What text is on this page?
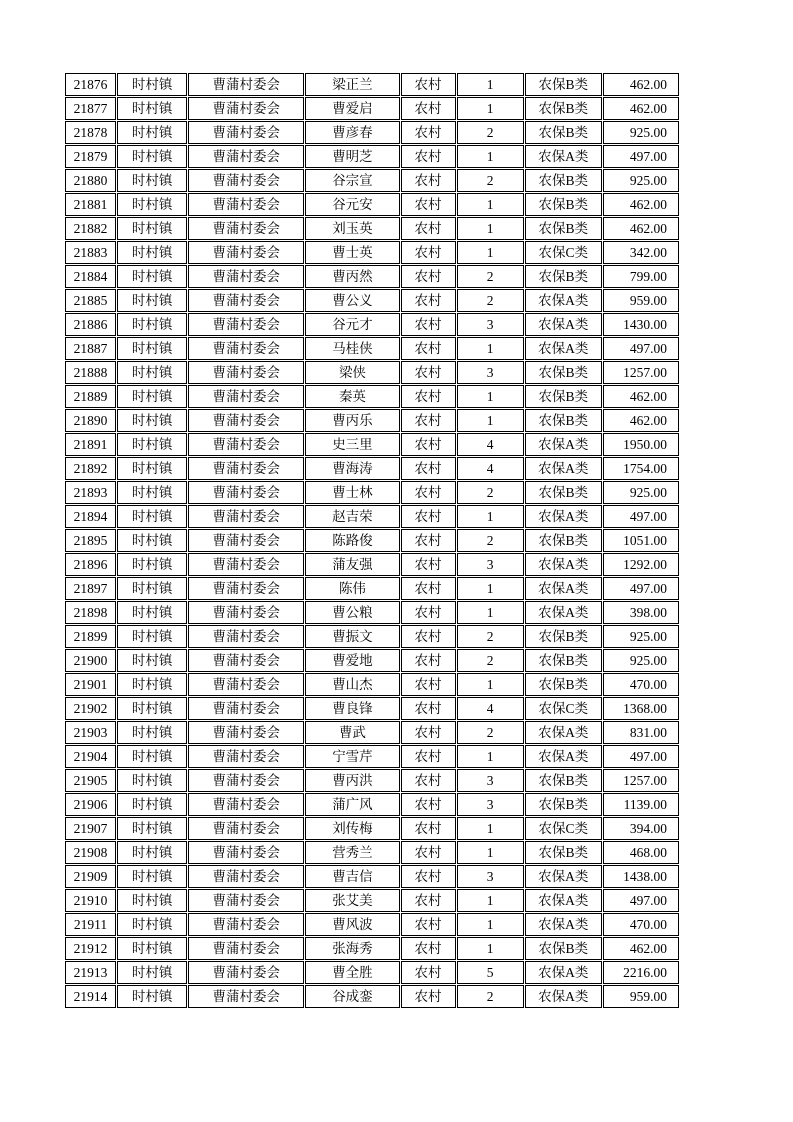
21876	时村镇	曹蒲村委会	梁正兰	农村	1	农保B类	462.00
21877	时村镇	曹蒲村委会	曹爱启	农村	1	农保B类	462.00
21878	时村镇	曹蒲村委会	曹彦春	农村	2	农保B类	925.00
21879	时村镇	曹蒲村委会	曹明芝	农村	1	农保A类	497.00
21880	时村镇	曹蒲村委会	谷宗宣	农村	2	农保B类	925.00
21881	时村镇	曹蒲村委会	谷元安	农村	1	农保B类	462.00
21882	时村镇	曹蒲村委会	刘玉英	农村	1	农保B类	462.00
21883	时村镇	曹蒲村委会	曹士英	农村	1	农保C类	342.00
21884	时村镇	曹蒲村委会	曹丙然	农村	2	农保B类	799.00
21885	时村镇	曹蒲村委会	曹公义	农村	2	农保A类	959.00
21886	时村镇	曹蒲村委会	谷元才	农村	3	农保A类	1430.00
21887	时村镇	曹蒲村委会	马桂侠	农村	1	农保A类	497.00
21888	时村镇	曹蒲村委会	梁侠	农村	3	农保B类	1257.00
21889	时村镇	曹蒲村委会	秦英	农村	1	农保B类	462.00
21890	时村镇	曹蒲村委会	曹丙乐	农村	1	农保B类	462.00
21891	时村镇	曹蒲村委会	史三里	农村	4	农保A类	1950.00
21892	时村镇	曹蒲村委会	曹海涛	农村	4	农保A类	1754.00
21893	时村镇	曹蒲村委会	曹士林	农村	2	农保B类	925.00
21894	时村镇	曹蒲村委会	赵吉荣	农村	1	农保A类	497.00
21895	时村镇	曹蒲村委会	陈路俊	农村	2	农保B类	1051.00
21896	时村镇	曹蒲村委会	蒲友强	农村	3	农保A类	1292.00
21897	时村镇	曹蒲村委会	陈伟	农村	1	农保A类	497.00
21898	时村镇	曹蒲村委会	曹公粮	农村	1	农保A类	398.00
21899	时村镇	曹蒲村委会	曹振文	农村	2	农保B类	925.00
21900	时村镇	曹蒲村委会	曹爱地	农村	2	农保B类	925.00
21901	时村镇	曹蒲村委会	曹山杰	农村	1	农保B类	470.00
21902	时村镇	曹蒲村委会	曹良锋	农村	4	农保C类	1368.00
21903	时村镇	曹蒲村委会	曹武	农村	2	农保A类	831.00
21904	时村镇	曹蒲村委会	宁雪芹	农村	1	农保A类	497.00
21905	时村镇	曹蒲村委会	曹丙洪	农村	3	农保B类	1257.00
21906	时村镇	曹蒲村委会	蒲广风	农村	3	农保B类	1139.00
21907	时村镇	曹蒲村委会	刘传梅	农村	1	农保C类	394.00
21908	时村镇	曹蒲村委会	营秀兰	农村	1	农保B类	468.00
21909	时村镇	曹蒲村委会	曹吉信	农村	3	农保A类	1438.00
21910	时村镇	曹蒲村委会	张艾美	农村	1	农保A类	497.00
21911	时村镇	曹蒲村委会	曹风波	农村	1	农保A类	470.00
21912	时村镇	曹蒲村委会	张海秀	农村	1	农保B类	462.00
21913	时村镇	曹蒲村委会	曹全胜	农村	5	农保A类	2216.00
21914	时村镇	曹蒲村委会	谷成銮	农村	2	农保A类	959.00
